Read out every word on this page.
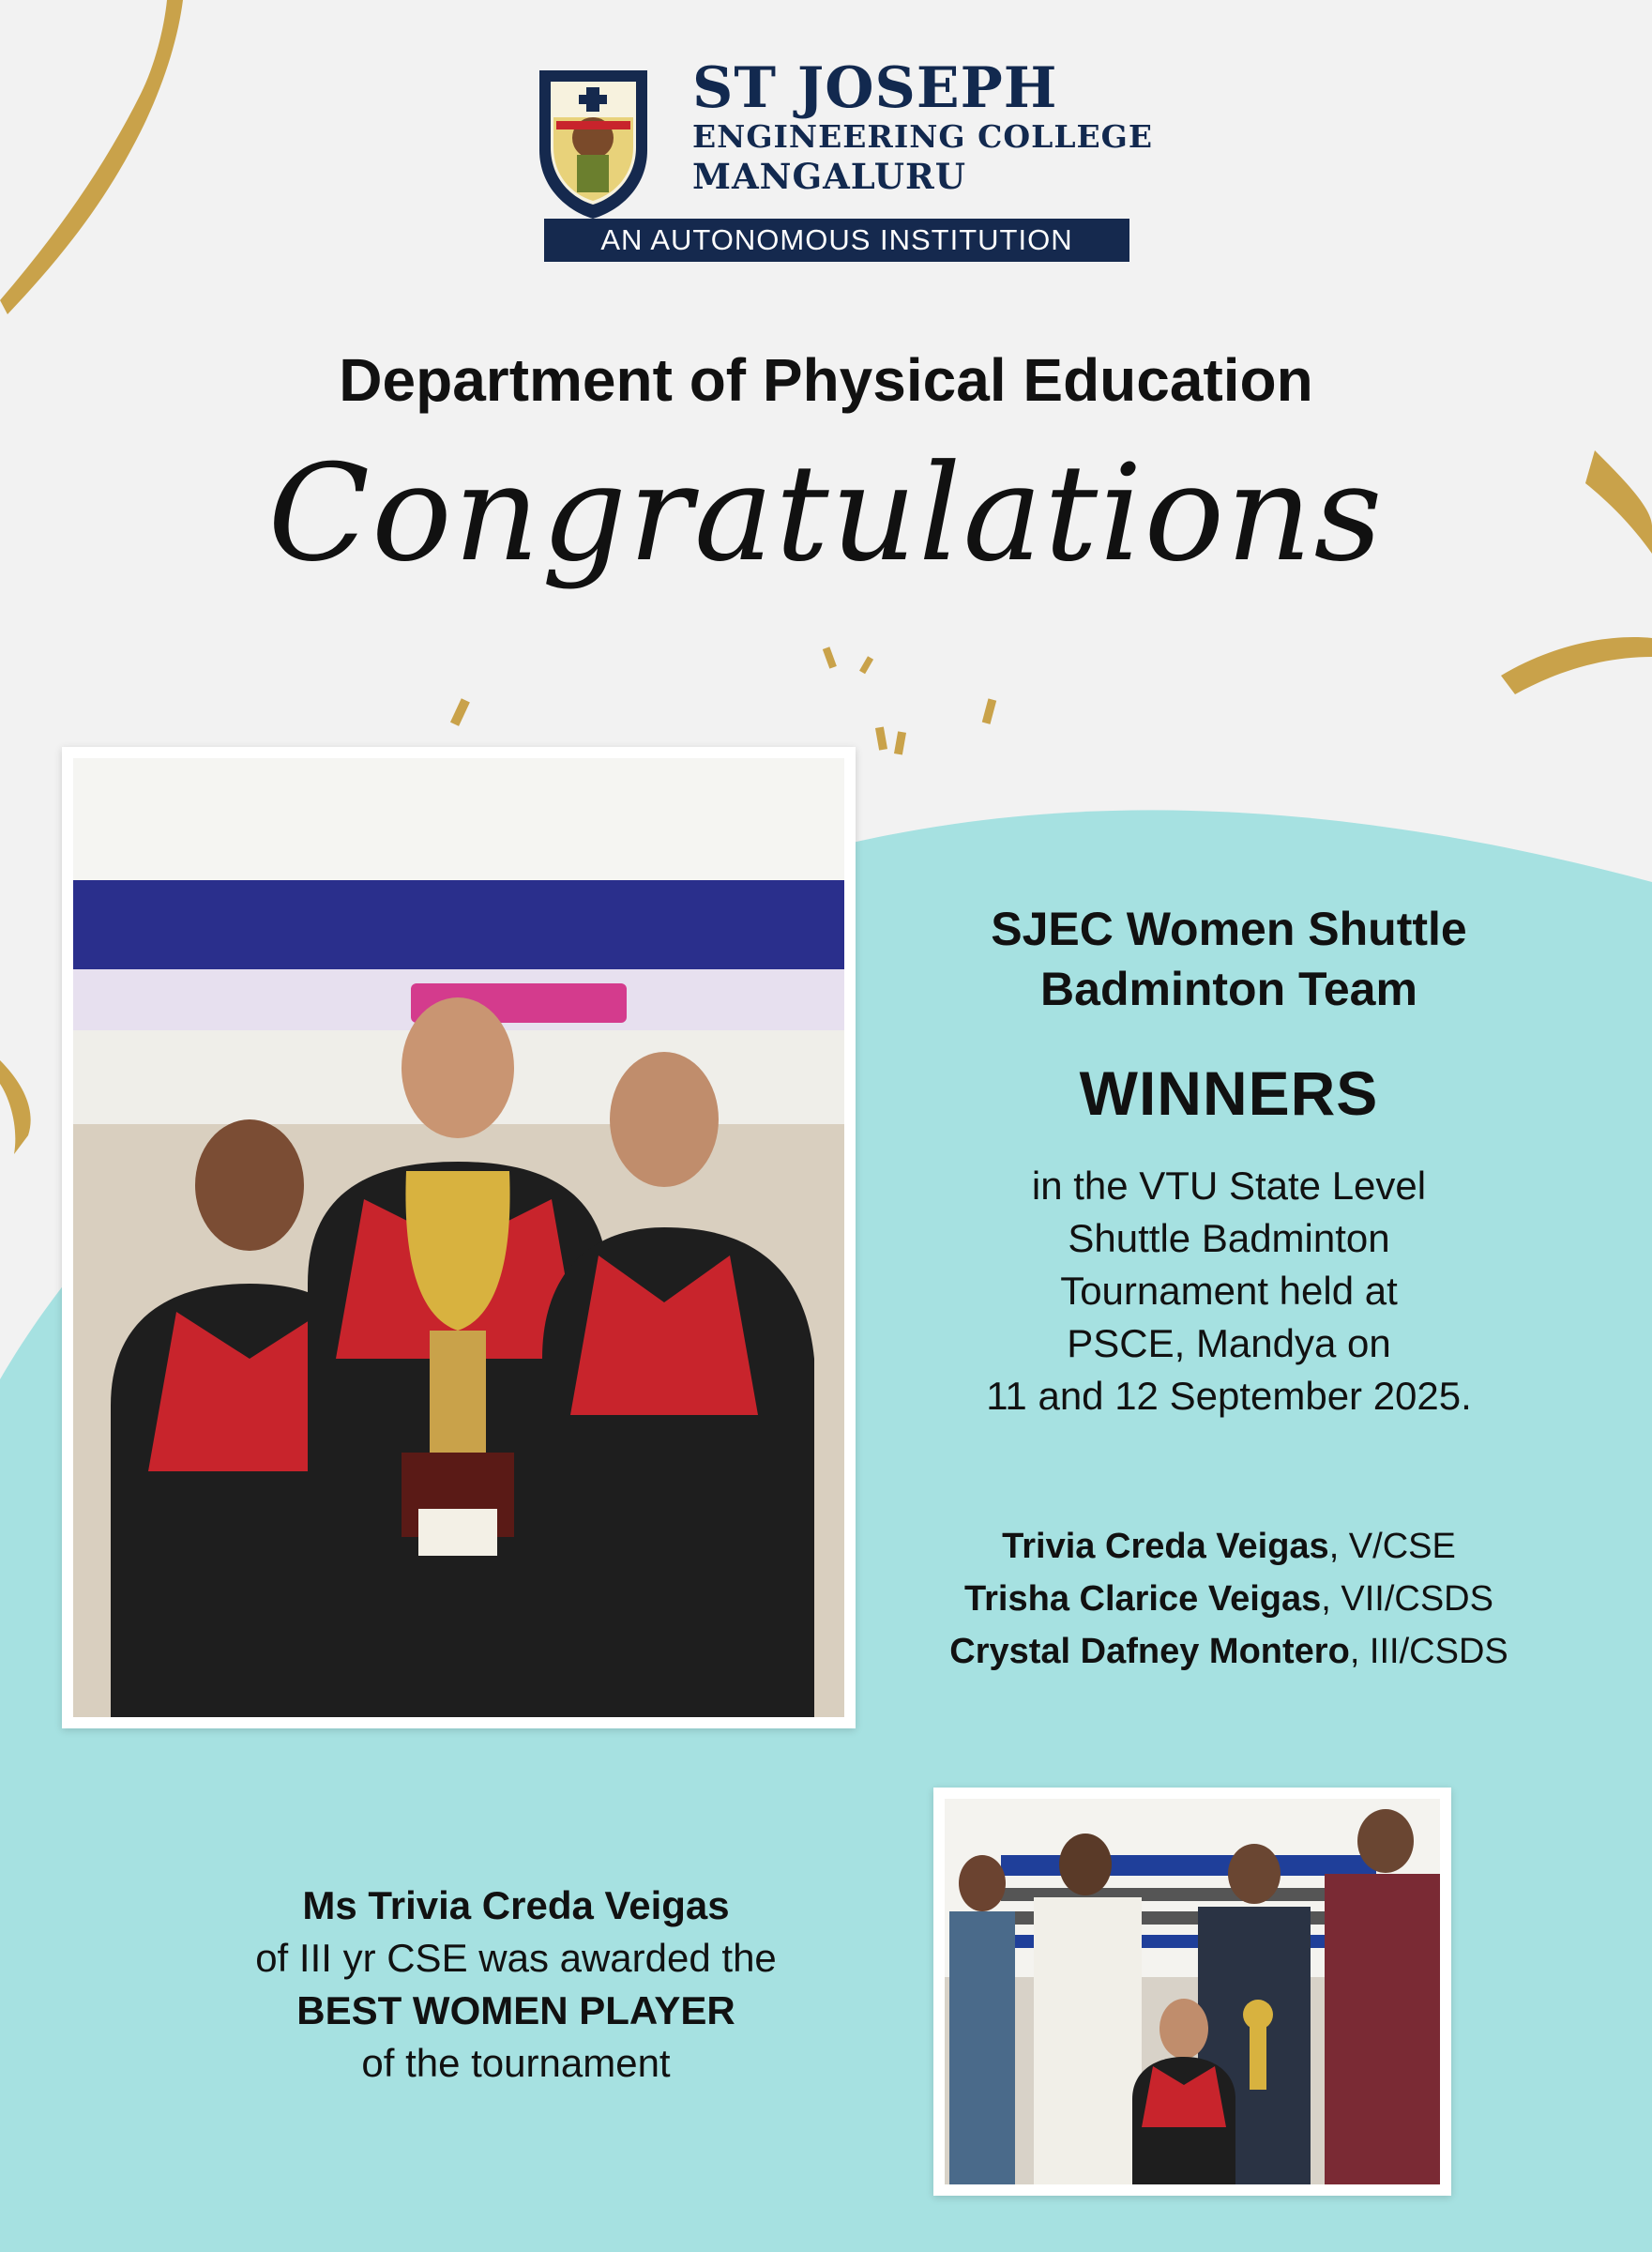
ST JOSEPH
ENGINEERING COLLEGE
MANGALURU
AN AUTONOMOUS INSTITUTION
Department of Physical Education
Congratulations
SJEC Women Shuttle
Badminton Team
WINNERS
in the VTU State Level
Shuttle Badminton
Tournament held at
PSCE, Mandya on
11 and 12 September 2025.
Trivia Creda Veigas, V/CSE
Trisha Clarice Veigas, VII/CSDS
Crystal Dafney Montero, III/CSDS
Ms Trivia Creda Veigas
of III yr CSE was awarded the
BEST WOMEN PLAYER
of the tournament
